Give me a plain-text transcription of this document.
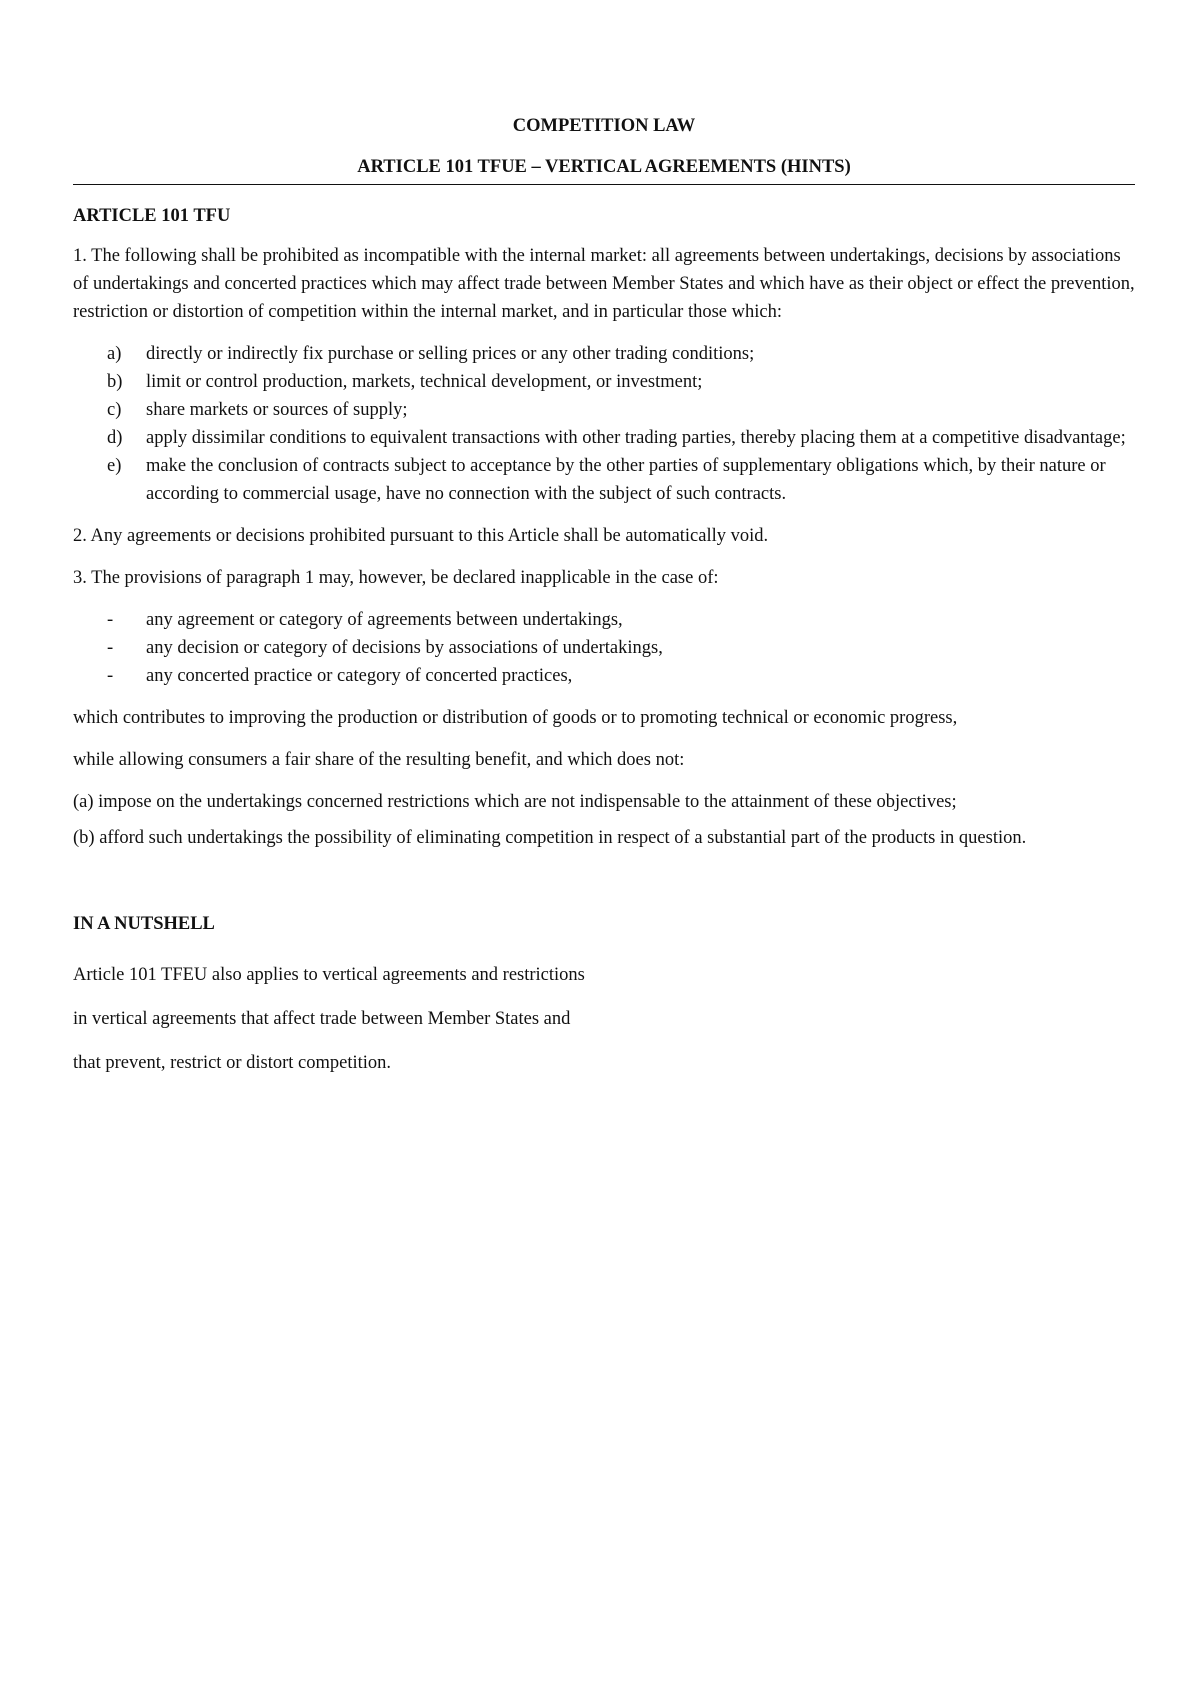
COMPETITION LAW
ARTICLE 101 TFUE – VERTICAL AGREEMENTS (HINTS)
ARTICLE 101 TFU

1. The following shall be prohibited as incompatible with the internal market: all agreements between undertakings, decisions by associations of undertakings and concerted practices which may affect trade between Member States and which have as their object or effect the prevention, restriction or distortion of competition within the internal market, and in particular those which:

a) directly or indirectly fix purchase or selling prices or any other trading conditions;
b) limit or control production, markets, technical development, or investment;
c) share markets or sources of supply;
d) apply dissimilar conditions to equivalent transactions with other trading parties, thereby placing them at a competitive disadvantage;
e) make the conclusion of contracts subject to acceptance by the other parties of supplementary obligations which, by their nature or according to commercial usage, have no connection with the subject of such contracts.

2. Any agreements or decisions prohibited pursuant to this Article shall be automatically void.

3. The provisions of paragraph 1 may, however, be declared inapplicable in the case of:

- any agreement or category of agreements between undertakings,
- any decision or category of decisions by associations of undertakings,
- any concerted practice or category of concerted practices,

which contributes to improving the production or distribution of goods or to promoting technical or economic progress,

while allowing consumers a fair share of the resulting benefit, and which does not:

(a) impose on the undertakings concerned restrictions which are not indispensable to the attainment of these objectives;

(b) afford such undertakings the possibility of eliminating competition in respect of a substantial part of the products in question.

IN A NUTSHELL

Article 101 TFEU also applies to vertical agreements and restrictions in vertical agreements that affect trade between Member States and that prevent, restrict or distort competition.
